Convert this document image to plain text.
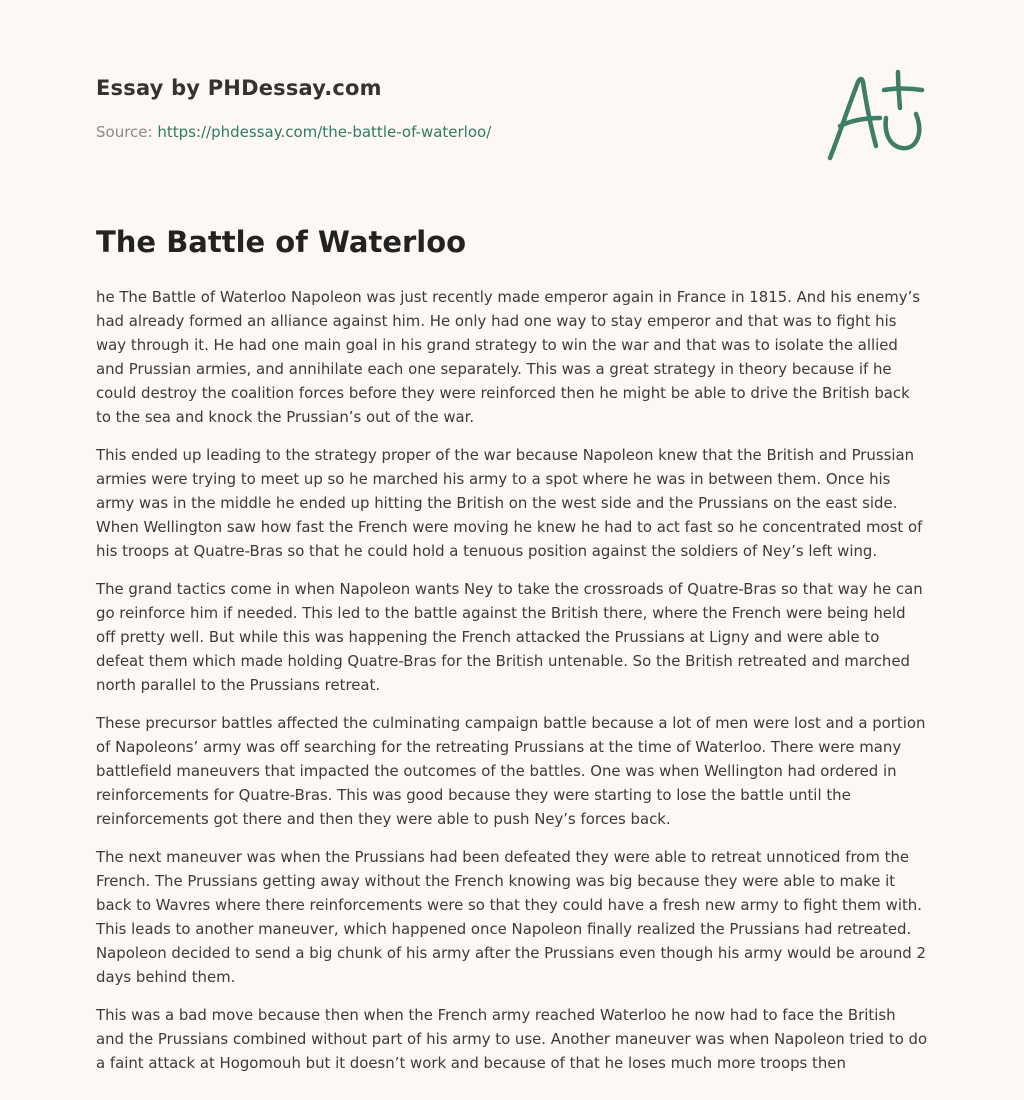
Essay by PHDessay.com
Source: https://phdessay.com/the-battle-of-waterloo/
The Battle of Waterloo

he The Battle of Waterloo Napoleon was just recently made emperor again in France in 1815. And his enemy’s had already formed an alliance against him. He only had one way to stay emperor and that was to fight his way through it. He had one main goal in his grand strategy to win the war and that was to isolate the allied and Prussian armies, and annihilate each one separately. This was a great strategy in theory because if he could destroy the coalition forces before they were reinforced then he might be able to drive the British back to the sea and knock the Prussian’s out of the war.

This ended up leading to the strategy proper of the war because Napoleon knew that the British and Prussian armies were trying to meet up so he marched his army to a spot where he was in between them. Once his army was in the middle he ended up hitting the British on the west side and the Prussians on the east side. When Wellington saw how fast the French were moving he knew he had to act fast so he concentrated most of his troops at Quatre-Bras so that he could hold a tenuous position against the soldiers of Ney’s left wing.

The grand tactics come in when Napoleon wants Ney to take the crossroads of Quatre-Bras so that way he can go reinforce him if needed. This led to the battle against the British there, where the French were being held off pretty well. But while this was happening the French attacked the Prussians at Ligny and were able to defeat them which made holding Quatre-Bras for the British untenable. So the British retreated and marched north parallel to the Prussians retreat.

These precursor battles affected the culminating campaign battle because a lot of men were lost and a portion of Napoleons’ army was off searching for the retreating Prussians at the time of Waterloo. There were many battlefield maneuvers that impacted the outcomes of the battles. One was when Wellington had ordered in reinforcements for Quatre-Bras. This was good because they were starting to lose the battle until the reinforcements got there and then they were able to push Ney’s forces back.

The next maneuver was when the Prussians had been defeated they were able to retreat unnoticed from the French. The Prussians getting away without the French knowing was big because they were able to make it back to Wavres where there reinforcements were so that they could have a fresh new army to fight them with. This leads to another maneuver, which happened once Napoleon finally realized the Prussians had retreated. Napoleon decided to send a big chunk of his army after the Prussians even though his army would be around 2 days behind them.

This was a bad move because then when the French army reached Waterloo he now had to face the British and the Prussians combined without part of his army to use. Another maneuver was when Napoleon tried to do a faint attack at Hogomouh but it doesn’t work and because of that he loses much more troops then
